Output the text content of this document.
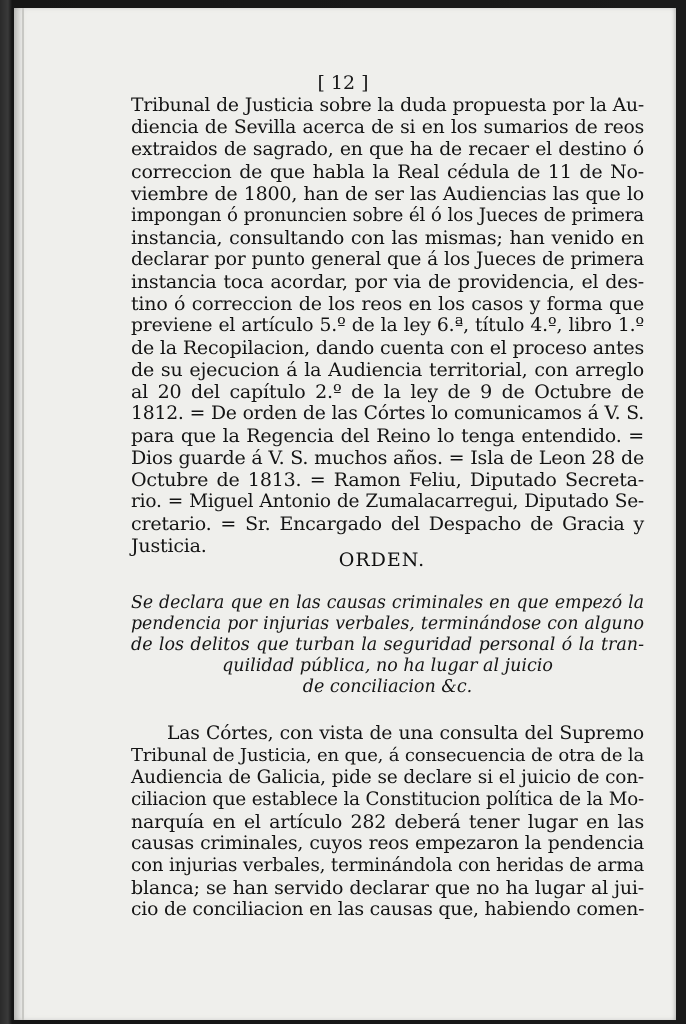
[ 12 ]
Tribunal de Justicia sobre la duda propuesta por la Au-
diencia de Sevilla acerca de si en los sumarios de reos
extraidos de sagrado, en que ha de recaer el destino ó
correccion de que habla la Real cédula de 11 de No-
viembre de 1800, han de ser las Audiencias las que lo
impongan ó pronuncien sobre él ó los Jueces de primera
instancia, consultando con las mismas; han venido en
declarar por punto general que á los Jueces de primera
instancia toca acordar, por via de providencia, el des-
tino ó correccion de los reos en los casos y forma que
previene el artículo 5.º de la ley 6.ª, título 4.º, libro 1.º
de la Recopilacion, dando cuenta con el proceso antes
de su ejecucion á la Audiencia territorial, con arreglo
al 20 del capítulo 2.º de la ley de 9 de Octubre de
1812. = De orden de las Córtes lo comunicamos á V. S.
para que la Regencia del Reino lo tenga entendido. =
Dios guarde á V. S. muchos años. = Isla de Leon 28 de
Octubre de 1813. = Ramon Feliu, Diputado Secreta-
rio. = Miguel Antonio de Zumalacarregui, Diputado Se-
cretario. = Sr. Encargado del Despacho de Gracia y
Justicia.
ORDEN.
Se declara que en las causas criminales en que empezó la
pendencia por injurias verbales, terminándose con alguno
de los delitos que turban la seguridad personal ó la tran-
quilidad pública, no ha lugar al juicio
de conciliacion &c.
Las Córtes, con vista de una consulta del Supremo
Tribunal de Justicia, en que, á consecuencia de otra de la
Audiencia de Galicia, pide se declare si el juicio de con-
ciliacion que establece la Constitucion política de la Mo-
narquía en el artículo 282 deberá tener lugar en las
causas criminales, cuyos reos empezaron la pendencia
con injurias verbales, terminándola con heridas de arma
blanca; se han servido declarar que no ha lugar al jui-
cio de conciliacion en las causas que, habiendo comen-
